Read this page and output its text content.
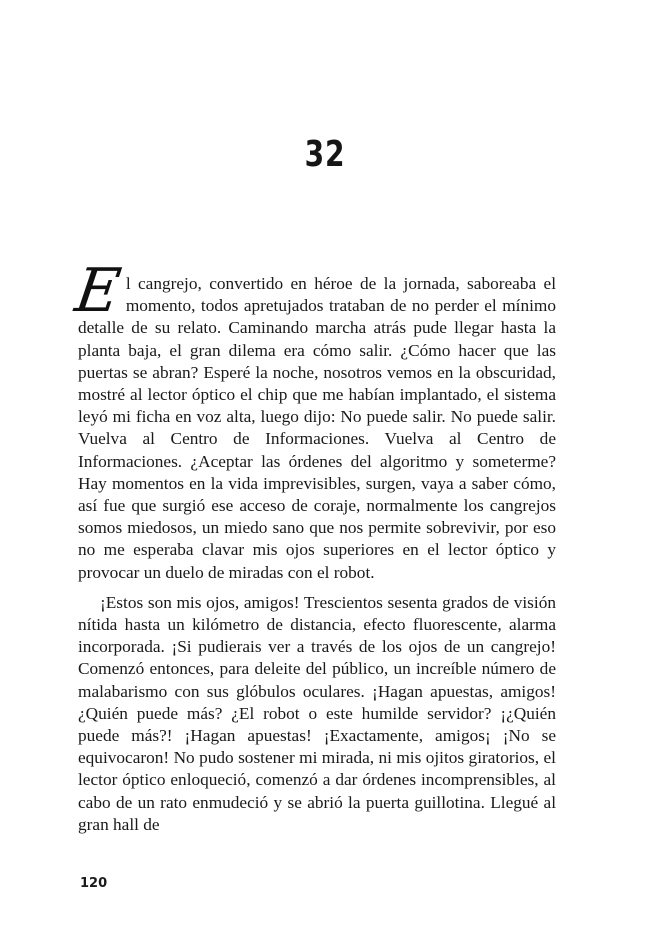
32

El cangrejo, convertido en héroe de la jornada, saboreaba el momento, todos apretujados trataban de no perder el mínimo detalle de su relato. Caminando marcha atrás pude llegar hasta la planta baja, el gran dilema era cómo salir. ¿Cómo hacer que las puertas se abran? Esperé la noche, nosotros vemos en la obscuridad, mostré al lector óptico el chip que me habían implantado, el sistema leyó mi ficha en voz alta, luego dijo: No puede salir. No puede salir. Vuelva al Centro de Informaciones. Vuelva al Centro de Informaciones. ¿Aceptar las órdenes del algoritmo y someterme? Hay momentos en la vida imprevisibles, surgen, vaya a saber cómo, así fue que surgió ese acceso de coraje, normalmente los cangrejos somos miedosos, un miedo sano que nos permite sobrevivir, por eso no me esperaba clavar mis ojos superiores en el lector óptico y provocar un duelo de miradas con el robot.

¡Estos son mis ojos, amigos! Trescientos sesenta grados de visión nítida hasta un kilómetro de distancia, efecto fluorescente, alarma incorporada. ¡Si pudierais ver a través de los ojos de un cangrejo! Comenzó entonces, para deleite del público, un increíble número de malabarismo con sus glóbulos oculares. ¡Hagan apuestas, amigos! ¿Quién puede más? ¿El robot o este humilde servidor? ¡¿Quién puede más?! ¡Hagan apuestas! ¡Exactamente, amigos¡ ¡No se equivocaron! No pudo sostener mi mirada, ni mis ojitos giratorios, el lector óptico enloqueció, comenzó a dar órdenes incomprensibles, al cabo de un rato enmudeció y se abrió la puerta guillotina. Llegué al gran hall de

120
